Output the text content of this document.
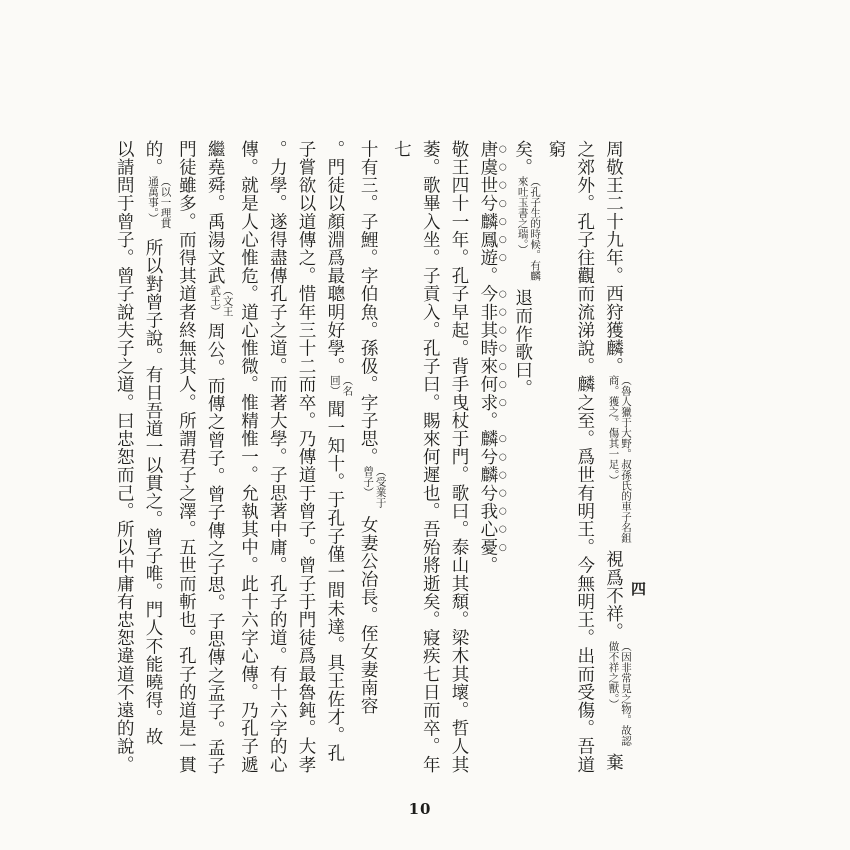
周敬王二十九年。西狩獲麟。（魯人獵于大野。叔孫氏的車子名鉏商。獲之。傷其一足。）視爲不祥。（因非常見之物。故認做不祥之獸。）棄
之郊外。孔子往觀而流涕說。麟之至。爲世有明王。今無明王。出而受傷。吾道窮
矣。（孔子生的時候。有麟來吐玉書之瑞。）退而作歌曰。
唐虞世兮麟鳳遊。今非其時來何求。麟兮麟兮我心憂。
敬王四十一年。孔子早起。背手曳杖于門。歌曰。泰山其頹。梁木其壞。哲人其
萎。歌畢入坐。子貢入。孔子曰。賜來何遲也。吾殆將逝矣。寢疾七日而卒。年七
十有三。子鯉。字伯魚。孫伋。字子思。（受業于曾子）女妻公冶長。侄女妻南容
。門徒以顏淵爲最聰明好學。（名回）聞一知十。于孔子僅一間未達。具王佐才。孔
子嘗欲以道傳之。惜年三十二而卒。乃傳道于曾子。曾子于門徒爲最魯鈍。大孝
。力學。遂得盡傳孔子之道。而著大學。子思著中庸。孔子的道。有十六字的心
傳。就是人心惟危。道心惟微。惟精惟一。允執其中。此十六字心傳。乃孔子遞
繼堯舜。禹湯文武（文王武王）周公。而傳之曾子。曾子傳之子思。子思傳之孟子。孟子
門徒雖多。而得其道者終無其人。所謂君子之澤。五世而斬也。孔子的道是一貫
的。（以一理貫通萬事。）所以對曾子說。有日吾道一以貫之。曾子唯。門人不能曉得。故
以請問于曾子。曾子說夫子之道。曰忠恕而己。所以中庸有忠恕違道不遠的說。	四
10
